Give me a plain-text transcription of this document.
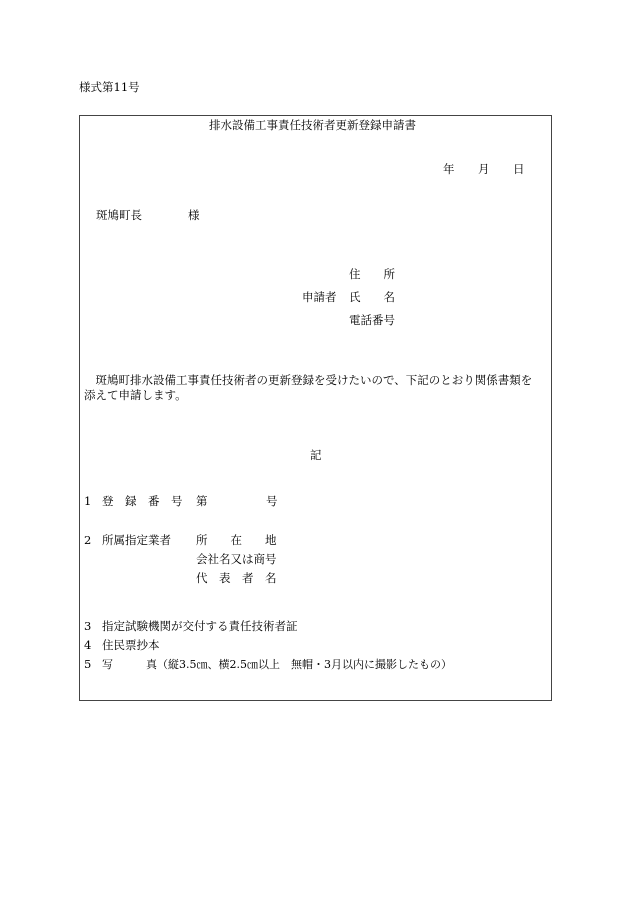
様式第11号
排水設備工事責任技術者更新登録申請書
年 月 日
斑鳩町長	様
住　　所
申請者 氏　　名
電話番号
　斑鳩町排水設備工事責任技術者の更新登録を受けたいので、下記のとおり関係書類を
添えて申請します。
記
1 登　録　番　号 第	号
2 所属指定業者 所　　在　　地
会社名又は商号
代　表　者　名
3 指定試験機関が交付する責任技術者証
4 住民票抄本
5 写　　　真（縦3.5㎝、横2.5㎝以上　無帽・3月以内に撮影したもの）
